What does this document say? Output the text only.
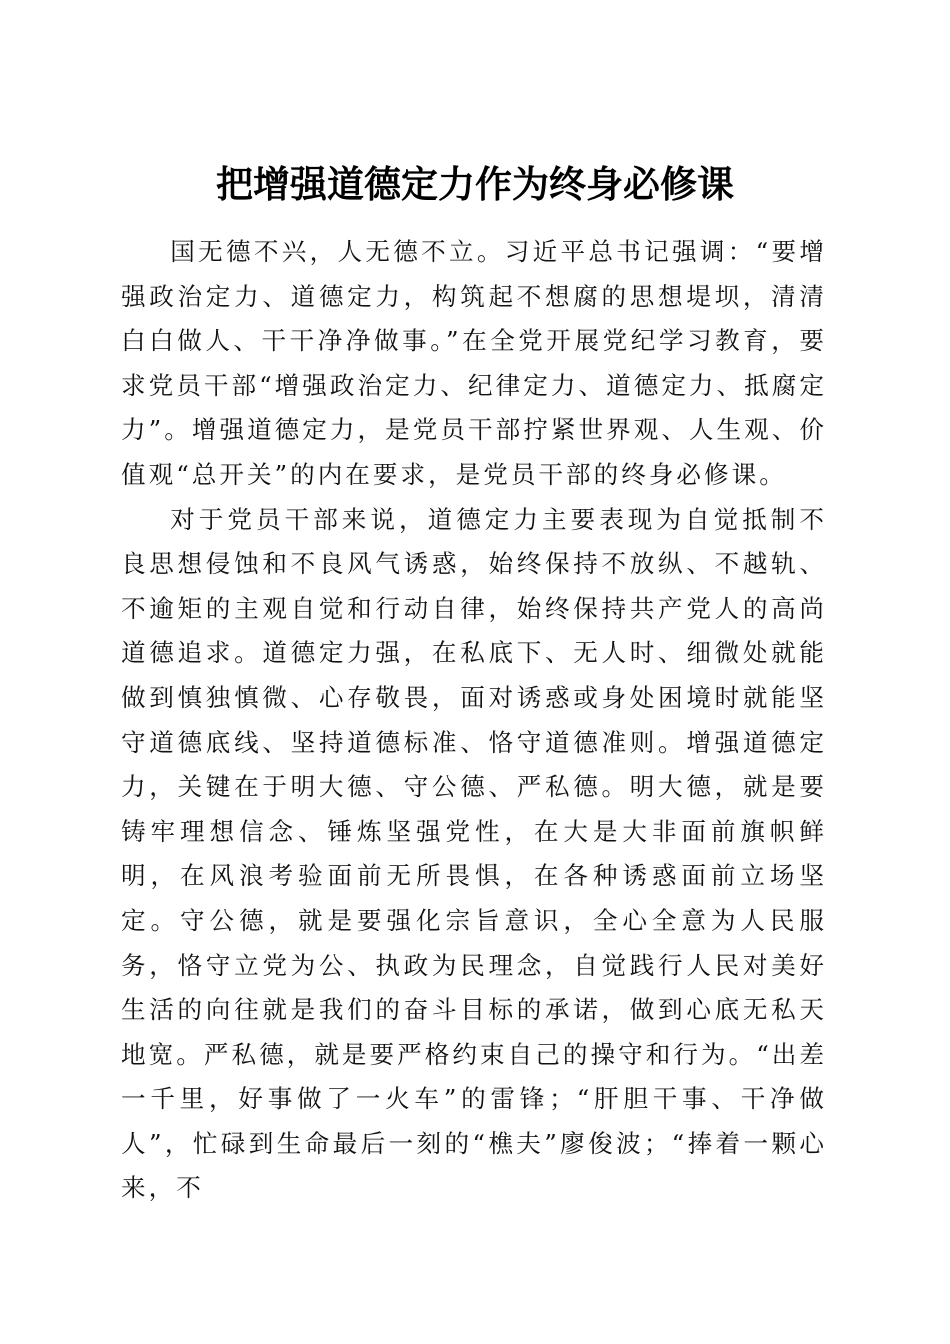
把增强道德定力作为终身必修课

国无德不兴，人无德不立。习近平总书记强调：“要增强政治定力、道德定力，构筑起不想腐的思想堤坝，清清白白做人、干干净净做事。”在全党开展党纪学习教育，要求党员干部“增强政治定力、纪律定力、道德定力、抵腐定力”。增强道德定力，是党员干部拧紧世界观、人生观、价值观“总开关”的内在要求，是党员干部的终身必修课。

对于党员干部来说，道德定力主要表现为自觉抵制不良思想侵蚀和不良风气诱惑，始终保持不放纵、不越轨、不逾矩的主观自觉和行动自律，始终保持共产党人的高尚道德追求。道德定力强，在私底下、无人时、细微处就能做到慎独慎微、心存敬畏，面对诱惑或身处困境时就能坚守道德底线、坚持道德标准、恪守道德准则。增强道德定力，关键在于明大德、守公德、严私德。明大德，就是要铸牢理想信念、锤炼坚强党性，在大是大非面前旗帜鲜明，在风浪考验面前无所畏惧，在各种诱惑面前立场坚定。守公德，就是要强化宗旨意识，全心全意为人民服务，恪守立党为公、执政为民理念，自觉践行人民对美好生活的向往就是我们的奋斗目标的承诺，做到心底无私天地宽。严私德，就是要严格约束自己的操守和行为。“出差一千里，好事做了一火车”的雷锋；“肝胆干事、干净做人”，忙碌到生命最后一刻的“樵夫”廖俊波；“捧着一颗心来，不
